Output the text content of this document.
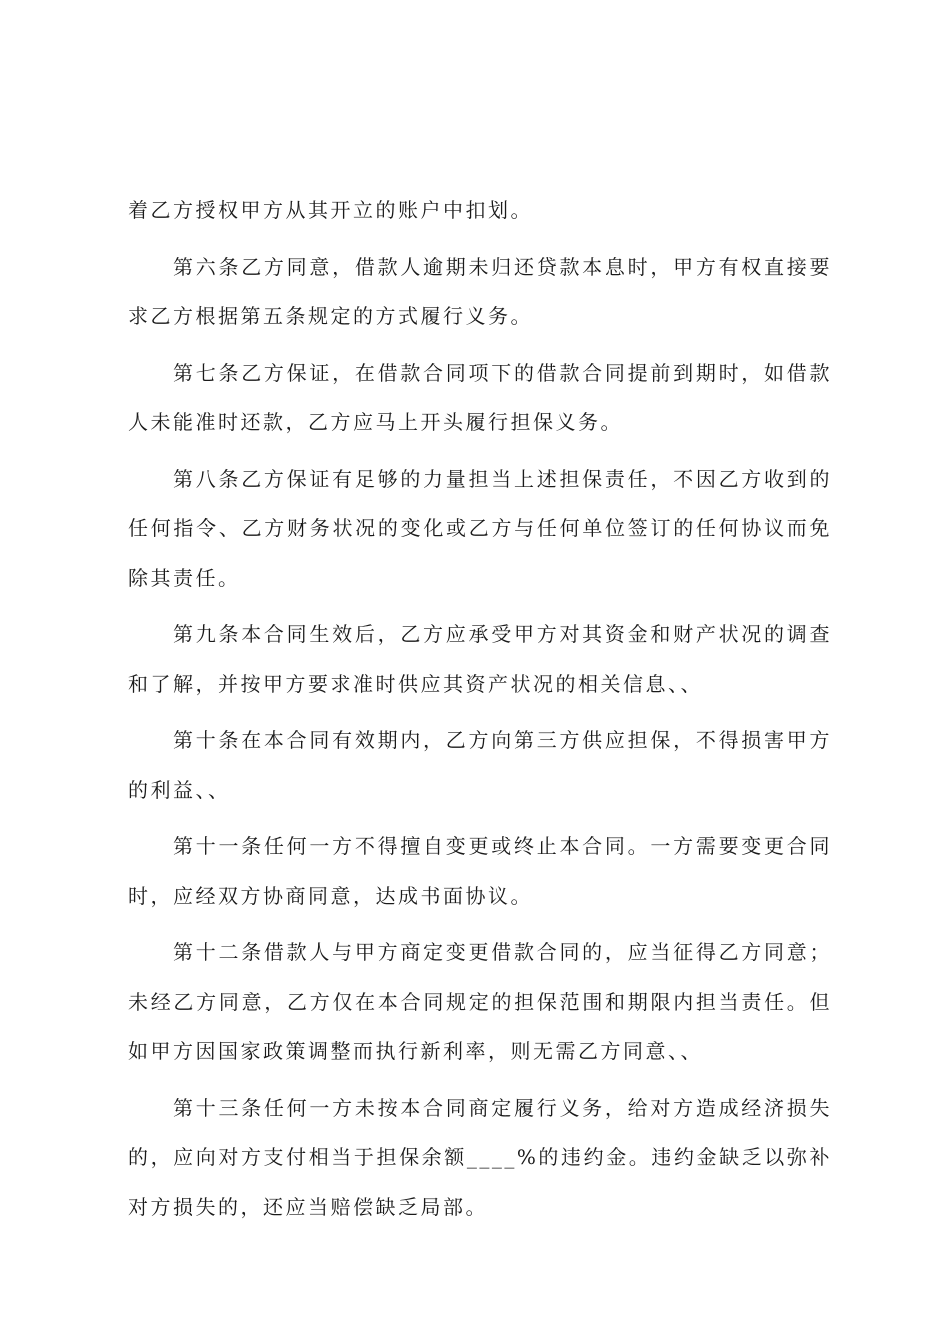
着乙方授权甲方从其开立的账户中扣划。

第六条乙方同意，借款人逾期未归还贷款本息时，甲方有权直接要求乙方根据第五条规定的方式履行义务。

第七条乙方保证，在借款合同项下的借款合同提前到期时，如借款人未能准时还款，乙方应马上开头履行担保义务。

第八条乙方保证有足够的力量担当上述担保责任，不因乙方收到的任何指令、乙方财务状况的变化或乙方与任何单位签订的任何协议而免除其责任。

第九条本合同生效后，乙方应承受甲方对其资金和财产状况的调查和了解，并按甲方要求准时供应其资产状况的相关信息、、

第十条在本合同有效期内，乙方向第三方供应担保，不得损害甲方的利益、、

第十一条任何一方不得擅自变更或终止本合同。一方需要变更合同时，应经双方协商同意，达成书面协议。

第十二条借款人与甲方商定变更借款合同的，应当征得乙方同意；未经乙方同意，乙方仅在本合同规定的担保范围和期限内担当责任。但如甲方因国家政策调整而执行新利率，则无需乙方同意、、

第十三条任何一方未按本合同商定履行义务，给对方造成经济损失的，应向对方支付相当于担保余额____%的违约金。违约金缺乏以弥补对方损失的，还应当赔偿缺乏局部。
